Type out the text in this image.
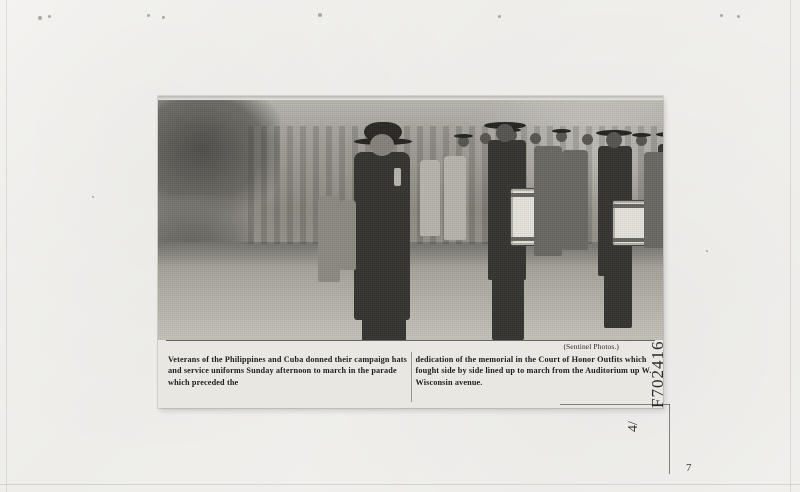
(Sentinel Photos.)

Veterans of the Philippines and Cuba donned their campaign hats and service uniforms Sunday afternoon to march in the parade which preceded the

dedication of the memorial in the Court of Honor Outfits which fought side by side lined up to march from the Auditorium up W. Wisconsin avenue.	F702416
4/
7
